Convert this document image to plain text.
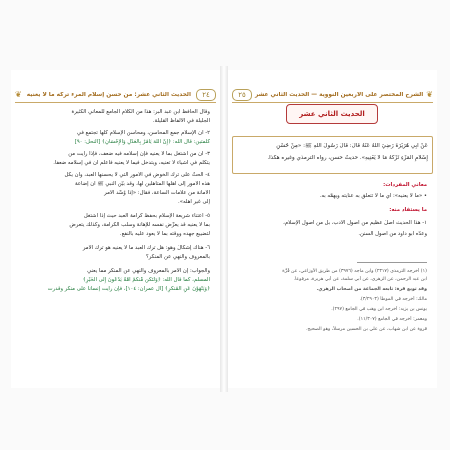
٢٤
الحديث الثاني عشر: من حسن إسلام المرء تركه ما لا يعنيه
❦
وقال الحافظ ابن عبد البر: هذا من الكلام الجامع للمعاني الكثيرة
الجليلة في الألفاظ القليلة.
٢- أن الإسلام جمع المحاسن، ومحاسن الإسلام كلُّها تجتمع في
كلمتين: قال الله: ﴿إِنَّ اللَّهَ يَأْمُرُ بِالْعَدْلِ وَالْإِحْسَانِ﴾ [النحل: ٩٠]
٣- أن من اشتغل بما لا يعنيه فإن إسلامه فيه ضعف، فإذا رأيت من
يتكلم في أشياء لا تعنيه، ويتدخل فيما لا يعنيه فاعلم أن في إسلامه ضعفاً.
٤- الحثُّ على ترك الخوض في الأمور التي لا يحسنها العبد، وأن يكل
هذه الأمور إلى أهلها المتأهلين لها، وقد بيَّن النبي ﷺ أن إضاعة
الأمانة من علامات الساعة، فقال: «إذا وُسِّد الأمر
إلى غير أهله».
٥- اعتناء شريعة الإسلام بحفظ كرامة العبد حيث إذا اشتغل
بما لا يعنيه قد يعرِّض نفسه للإهانة وسلب الكرامة، وكذلك يتعرض
لتضييع جهده ووقته بما لا يعود عليه بالنفع.
٦- هناك إشكالٌ وهو: هل ترك العبد ما لا يعنيه هو ترك الأمر
بالمعروف والنهي عن المنكر؟
والجواب: إن الأمر بالمعروف والنهي عن المنكر مما يعني
المسلم، كما قال الله: ﴿وَلْتَكُن مِّنكُمْ أُمَّةٌ يَدْعُونَ إِلَى الْخَيْرِ﴾
﴿وَيَنْهَوْنَ عَنِ الْمُنكَرِ﴾ [آل عمران: ١٠٤]، فإن رأيت إنساناً على منكر وقدرت
❦
الشرح المختصر على الأربعين النووية — الحديث الثاني عشر
٢٥
الحديث الثاني عشر
عَنْ أَبِي هُرَيْرَةَ رَضِيَ اللَّهُ عَنْهُ قَالَ: قَالَ رَسُولُ اللَّهِ ﷺ: «مِنْ حُسْنِ
إِسْلامِ المَرْءِ تَرْكُهُ مَا لا يَعْنِيهِ». حديثٌ حسن، رواه الترمذي وغيره هكذا.
معاني المفردات:
• «ما لا يعنيه»: أي ما لا تتعلَّق به عنايته ويهمُّه به.
ما يستفاد منه:
١- هذا الحديث أصلٌ عظيم من أصول الأدب، بل من أصول الإسلام،
وعدَّه أبو داود من أصول السنن.
(١) أخرجه الترمذي (٢٣١٧) وابن ماجه (٣٩٧٦) من طريق الأوزاعي، عن قُرَّة
ابن عبد الرحمن، عن الزهري، عن أبي سلمة، عن أبي هريرة، مرفوعاً.
وقد توبع قرة: تابعه الجماعة من أصحاب الزهري.
مالك: أخرجه في الموطأ (٣/٢٩٠٣).
يونس بن يزيد: أخرجه ابن وهب في الجامع (٢٩٧).
ومعمر: أخرجه في الجامع (١١/٣٠٧).
قروة عن ابن شهاب، عن علي بن الحسين مرسلاً، وهو الصحيح.
